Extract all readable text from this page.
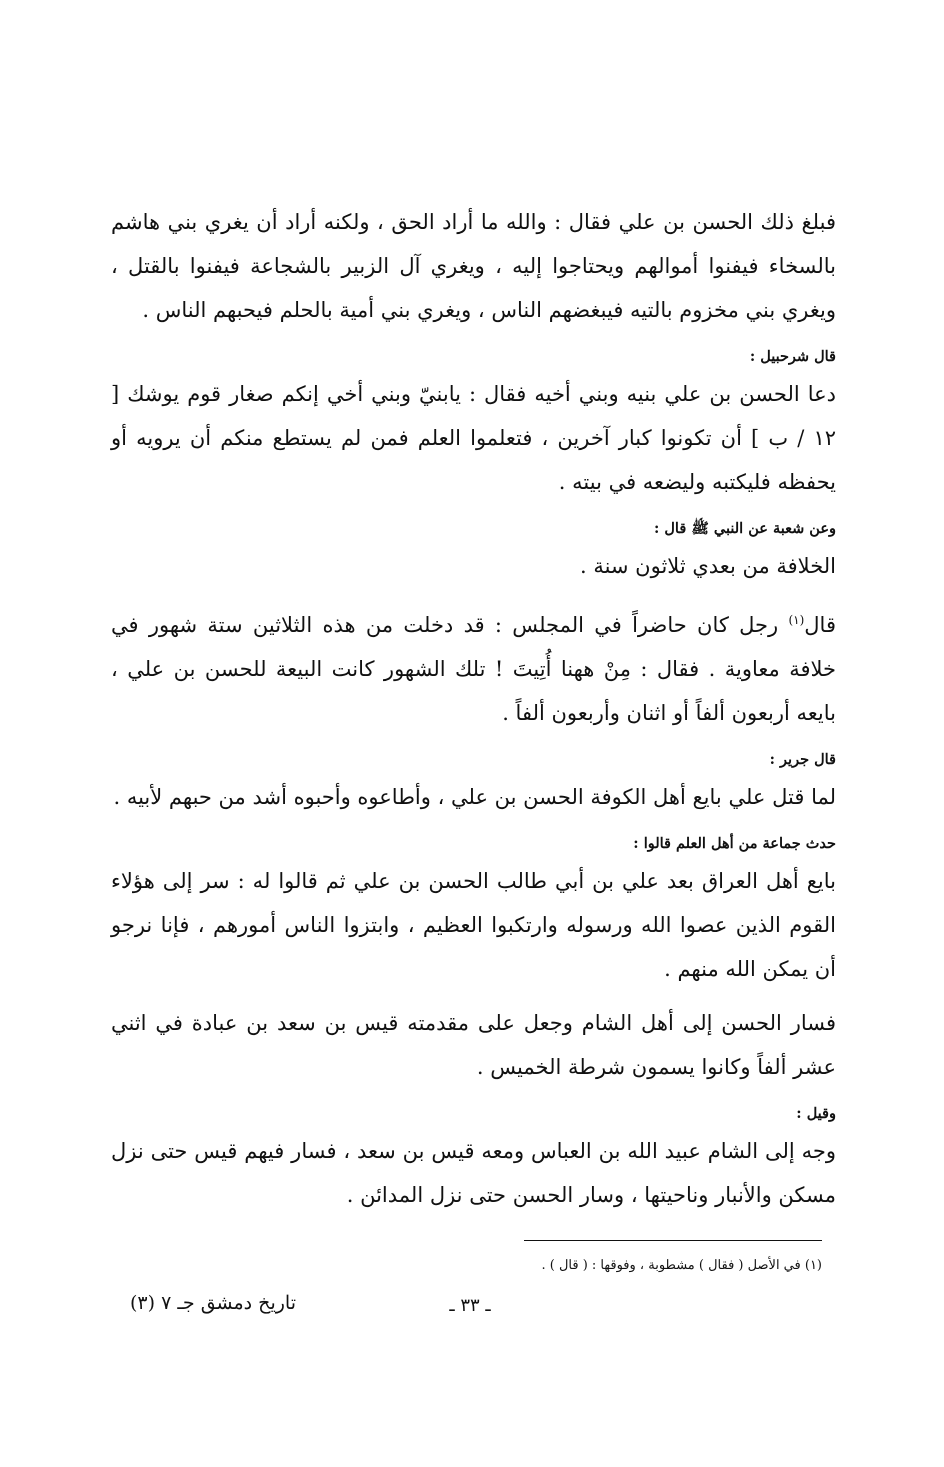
فبلغ ذلك الحسن بن علي فقال : والله ما أراد الحق ، ولكنه أراد أن يغري بني هاشم بالسخاء فيفنوا أموالهم ويحتاجوا إليه ، ويغري آل الزبير بالشجاعة فيفنوا بالقتل ، ويغري بني مخزوم بالتيه فيبغضهم الناس ، ويغري بني أمية بالحلم فيحبهم الناس .

قال شرحبيل :

دعا الحسن بن علي بنيه وبني أخيه فقال : يابنيّ وبني أخي إنكم صغار قوم يوشك [ ١٢ / ب ] أن تكونوا كبار آخرين ، فتعلموا العلم فمن لم يستطع منكم أن يرويه أو يحفظه فليكتبه وليضعه في بيته .

وعن شعبة عن النبي ﷺ قال :

الخلافة من بعدي ثلاثون سنة .

قال$^{(١)}$ رجل كان حاضراً في المجلس : قد دخلت من هذه الثلاثين ستة شهور في خلافة معاوية . فقال : مِنْ ههنا أُتِيتَ ! تلك الشهور كانت البيعة للحسن بن علي ، بايعه أربعون ألفاً أو اثنان وأربعون ألفاً .

قال جرير :

لما قتل علي بايع أهل الكوفة الحسن بن علي ، وأطاعوه وأحبوه أشد من حبهم لأبيه .

حدث جماعة من أهل العلم قالوا :

بايع أهل العراق بعد علي بن أبي طالب الحسن بن علي ثم قالوا له : سر إلى هؤلاء القوم الذين عصوا الله ورسوله وارتكبوا العظيم ، وابتزوا الناس أمورهم ، فإنا نرجو أن يمكن الله منهم .

فسار الحسن إلى أهل الشام وجعل على مقدمته قيس بن سعد بن عبادة في اثني عشر ألفاً وكانوا يسمون شرطة الخميس .

وقيل :

وجه إلى الشام عبيد الله بن العباس ومعه قيس بن سعد ، فسار فيهم قيس حتى نزل مسكن والأنبار وناحيتها ، وسار الحسن حتى نزل المدائن .

(١) في الأصل ( فقال ) مشطوبة ، وفوقها : ( قال ) .
ـ ٣٣ ـ
تاريخ دمشق جـ ٧ (٣)
